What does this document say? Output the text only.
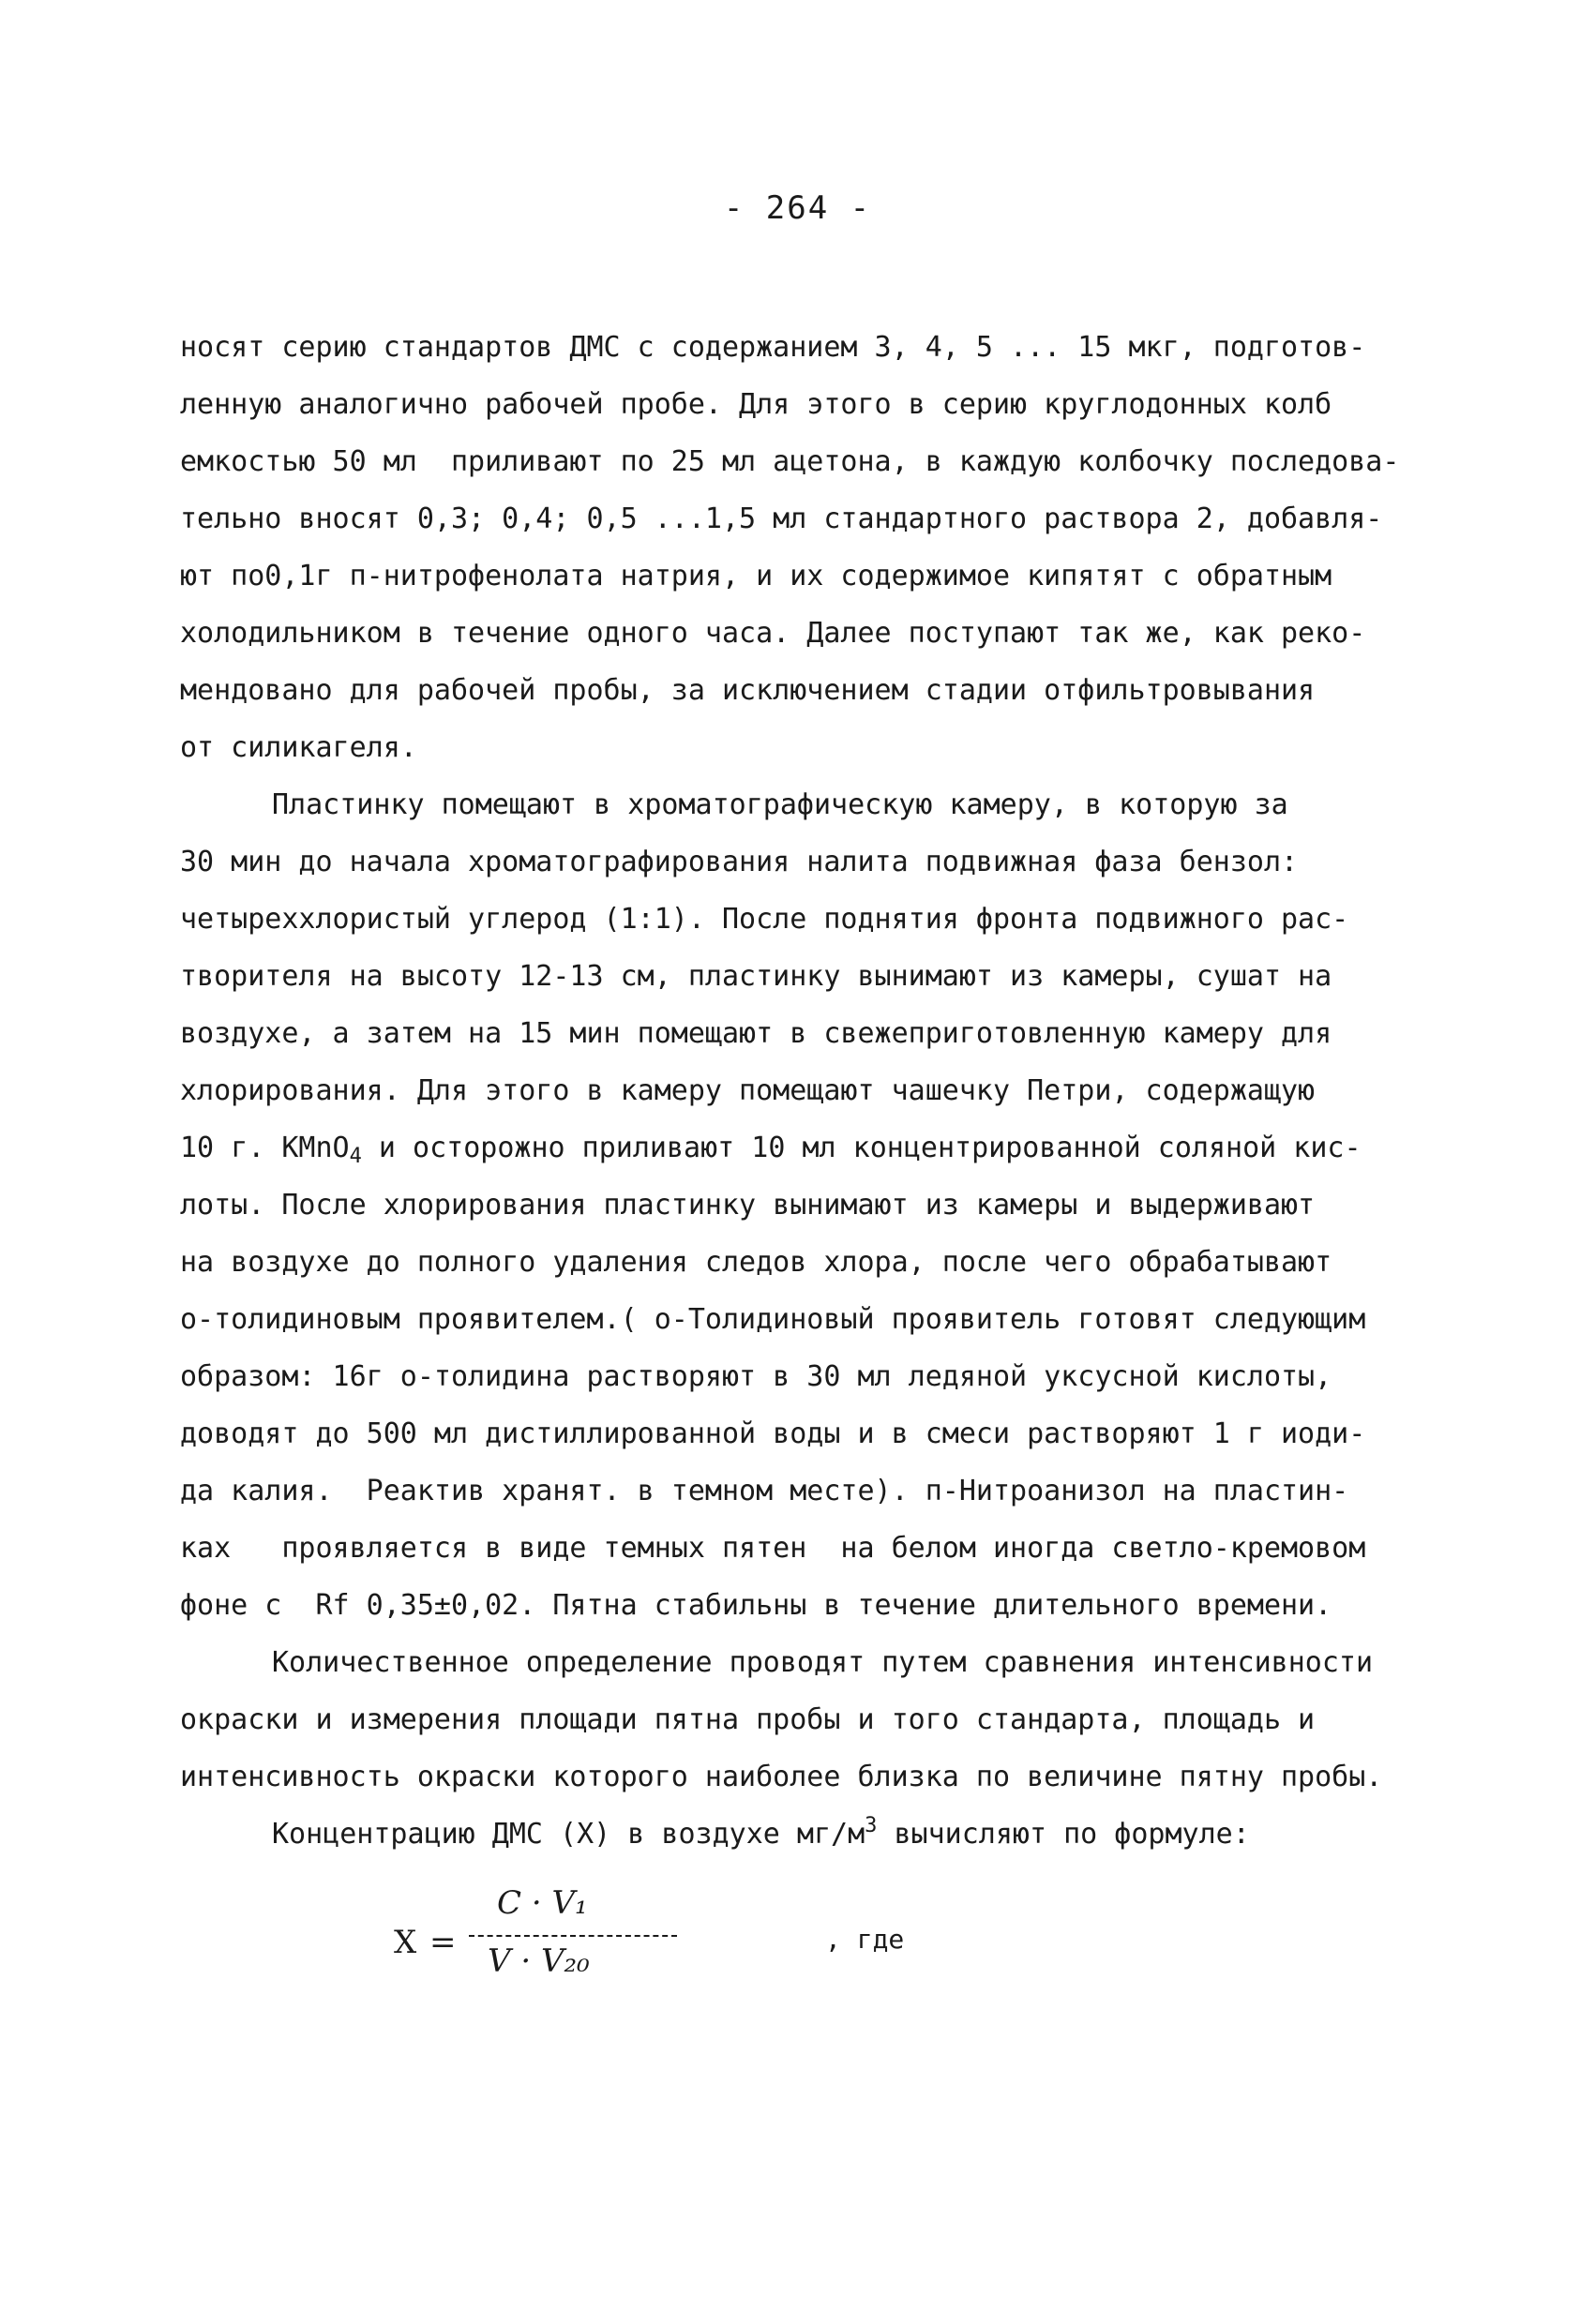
- 264 -
носят серию стандартов ДМС с содержанием 3, 4, 5 ... 15 мкг, подготов-
ленную аналогично рабочей пробе. Для этого в серию круглодонных колб
емкостью 50 мл  приливают по 25 мл ацетона, в каждую колбочку последова-
тельно вносят 0,3; 0,4; 0,5 ...1,5 мл стандартного раствора 2, добавля-
ют по0,1г п-нитрофенолата натрия, и их содержимое кипятят с обратным
холодильником в течение одного часа. Далее поступают так же, как реко-
мендовано для рабочей пробы, за исключением стадии отфильтровывания
от силикагеля.
Пластинку помещают в хроматографическую камеру, в которую за
30 мин до начала хроматографирования налита подвижная фаза бензол:
четыреххлористый углерод (1:1). После поднятия фронта подвижного рас-
творителя на высоту 12-13 см, пластинку вынимают из камеры, сушат на
воздухе, а затем на 15 мин помещают в свежеприготовленную камеру для
хлорирования. Для этого в камеру помещают чашечку Петри, содержащую
10 г. KMnO$_4$ и осторожно приливают 10 мл концентрированной соляной кис-
лоты. После хлорирования пластинку вынимают из камеры и выдерживают
на воздухе до полного удаления следов хлора, после чего обрабатывают
о-толидиновым проявителем.( о-Толидиновый проявитель готовят следующим
образом: 16г о-толидина растворяют в 30 мл ледяной уксусной кислоты,
доводят до 500 мл дистиллированной воды и в смеси растворяют 1 г иоди-
да калия.  Реактив хранят. в темном месте). п-Нитроанизол на пластин-
ках   проявляется в виде темных пятен  на белом иногда светло-кремовом
фоне с  Rf 0,35±0,02. Пятна стабильны в течение длительного времени.
Количественное определение проводят путем сравнения интенсивности
окраски и измерения площади пятна пробы и того стандарта, площадь и
интенсивность окраски которого наиболее близка по величине пятну пробы.
Концентрацию ДМС (X) в воздухе $мг/м^3$ вычисляют по формуле:
X =
C · V₁
V · V₂₀
, где
